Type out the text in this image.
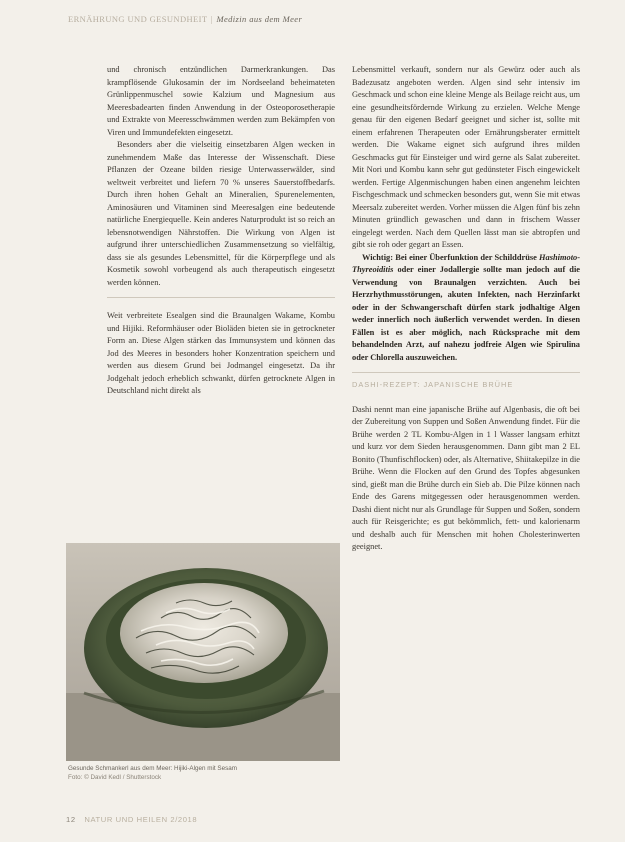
ERNÄHRUNG UND GESUNDHEIT | Medizin aus dem Meer

und chronisch entzündlichen Darmerkrankungen. Das krampflösende Glukosamin der im Nordseeland beheimateten Grünlippenmuschel sowie Kalzium und Magnesium aus Meeresbadearten finden Anwendung in der Osteoporosetherapie und Extrakte von Meeresschwämmen werden zum Bekämpfen von Viren und Immundefekten eingesetzt.

Besonders aber die vielseitig einsetzbaren Algen wecken in zunehmendem Maße das Interesse der Wissenschaft. Diese Pflanzen der Ozeane bilden riesige Unterwasserwälder, sind weltweit verbreitet und liefern 70 % unseres Sauerstoffbedarfs. Durch ihren hohen Gehalt an Mineralien, Spurenelementen, Aminosäuren und Vitaminen sind Meeresalgen eine bedeutende natürliche Energiequelle. Kein anderes Naturprodukt ist so reich an lebensnotwendigen Nährstoffen. Die Wirkung von Algen ist aufgrund ihrer unterschiedlichen Zusammensetzung so vielfältig, dass sie als gesundes Lebensmittel, für die Körperpflege und als Kosmetik sowohl vorbeugend als auch therapeutisch eingesetzt werden können.

Weit verbreitete Esealgen sind die Braunalgen Wakame, Kombu und Hijiki. Reformhäuser oder Bioläden bieten sie in getrockneter Form an. Diese Algen stärken das Immunsystem und können das Jod des Meeres in besonders hoher Konzentration speichern und werden aus diesem Grund bei Jodmangel eingesetzt. Da ihr Jodgehalt jedoch erheblich schwankt, dürfen getrocknete Algen in Deutschland nicht direkt als

Gesunde Schmankerl aus dem Meer: Hijiki-Algen mit Sesam
Foto: © David Kedl / Shutterstock

Lebensmittel verkauft, sondern nur als Gewürz oder auch als Badezusatz angeboten werden. Algen sind sehr intensiv im Geschmack und schon eine kleine Menge als Beilage reicht aus, um eine gesundheitsfördernde Wirkung zu erzielen. Welche Menge genau für den eigenen Bedarf geeignet und sicher ist, sollte mit einem erfahrenen Therapeuten oder Ernährungsberater ermittelt werden. Die Wakame eignet sich aufgrund ihres milden Geschmacks gut für Einsteiger und wird gerne als Salat zubereitet. Mit Nori und Kombu kann sehr gut gedünsteter Fisch eingewickelt werden. Fertige Algenmischungen haben einen angenehm leichten Fischgeschmack und schmecken besonders gut, wenn Sie mit etwas Meersalz zubereitet werden. Vorher müssen die Algen fünf bis zehn Minuten gründlich gewaschen und dann in frischem Wasser eingelegt werden. Nach dem Quellen lässt man sie abtropfen und gibt sie roh oder gegart an Essen.

Wichtig: Bei einer Überfunktion der Schilddrüse Hashimoto-Thyreoiditis oder einer Jodallergie sollte man jedoch auf die Verwendung von Braunalgen verzichten. Auch bei Herzrhythmusstörungen, akuten Infekten, nach Herzinfarkt oder in der Schwangerschaft dürfen stark jodhaltige Algen weder innerlich noch äußerlich verwendet werden. In diesen Fällen ist es aber möglich, nach Rücksprache mit dem behandelnden Arzt, auf nahezu jodfreie Algen wie Spirulina oder Chlorella auszuweichen.

DASHI-REZEPT: JAPANISCHE BRÜHE

Dashi nennt man eine japanische Brühe auf Algenbasis, die oft bei der Zubereitung von Suppen und Soßen Anwendung findet. Für die Brühe werden 2 TL Kombu-Algen in 1 l Wasser langsam erhitzt und kurz vor dem Sieden herausgenommen. Dann gibt man 2 EL Bonito (Thunfischflocken) oder, als Alternative, Shiitakepilze in die Brühe. Wenn die Flocken auf den Grund des Topfes abgesunken sind, gießt man die Brühe durch ein Sieb ab. Die Pilze können nach Ende des Garens mitgegessen oder herausgenommen werden. Dashi dient nicht nur als Grundlage für Suppen und Soßen, sondern auch für Reisgerichte; es gut bekömmlich, fett- und kalorienarm und deshalb auch für Menschen mit hohen Cholesterinwerten geeignet.

12 NATUR UND HEILEN 2/2018
